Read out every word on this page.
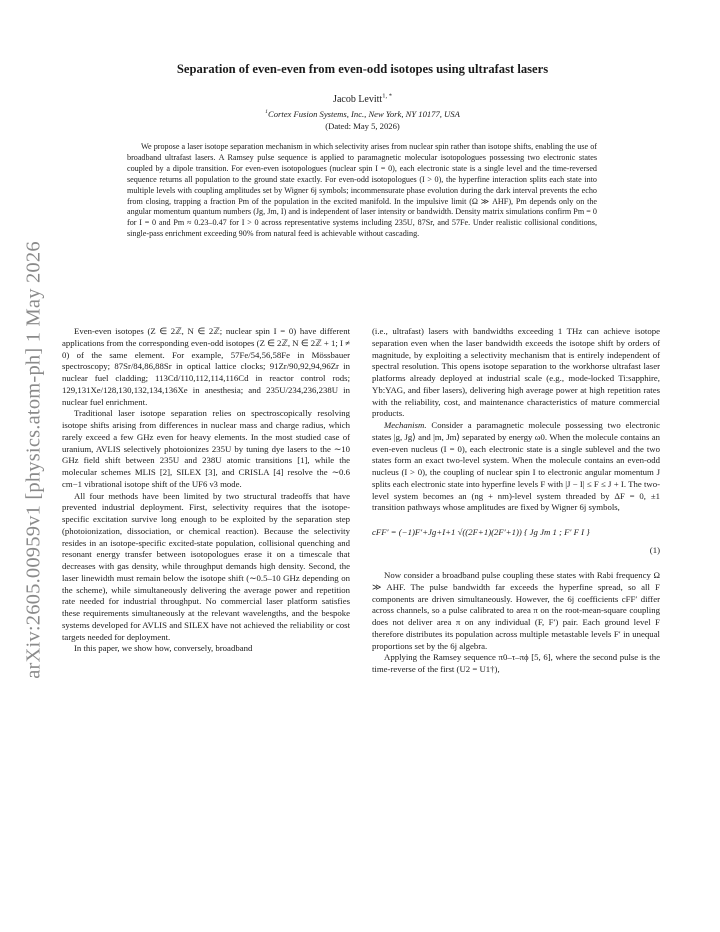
arXiv:2605.00959v1 [physics.atom-ph] 1 May 2026
Separation of even-even from even-odd isotopes using ultrafast lasers
Jacob Levitt$^{1, *}$
$^1$Cortex Fusion Systems, Inc., New York, NY 10177, USA
(Dated: May 5, 2026)

We propose a laser isotope separation mechanism in which selectivity arises from nuclear spin rather than isotope shifts, enabling the use of broadband ultrafast lasers. A Ramsey pulse sequence is applied to paramagnetic molecular isotopologues possessing two electronic states coupled by a dipole transition. For even-even isotopologues (nuclear spin I = 0), each electronic state is a single level and the time-reversed sequence returns all population to the ground state exactly. For even-odd isotopologues (I > 0), the hyperfine interaction splits each state into multiple levels with coupling amplitudes set by Wigner 6j symbols; incommensurate phase evolution during the dark interval prevents the echo from closing, trapping a fraction Pm of the population in the excited manifold. In the impulsive limit (Ω ≫ AHF), Pm depends only on the angular momentum quantum numbers (Jg, Jm, I) and is independent of laser intensity or bandwidth. Density matrix simulations confirm Pm = 0 for I = 0 and Pm ≈ 0.23–0.47 for I > 0 across representative systems including 235U, 87Sr, and 57Fe. Under realistic collisional conditions, single-pass enrichment exceeding 90% from natural feed is achievable without cascading.

Even-even isotopes (Z ∈ 2ℤ, N ∈ 2ℤ; nuclear spin I = 0) have different applications from the corresponding even-odd isotopes (Z ∈ 2ℤ, N ∈ 2ℤ + 1; I ≠ 0) of the same element. For example, 57Fe/54,56,58Fe in Mössbauer spectroscopy; 87Sr/84,86,88Sr in optical lattice clocks; 91Zr/90,92,94,96Zr in nuclear fuel cladding; 113Cd/110,112,114,116Cd in reactor control rods; 129,131Xe/128,130,132,134,136Xe in anesthesia; and 235U/234,236,238U in nuclear fuel enrichment.

Traditional laser isotope separation relies on spectroscopically resolving isotope shifts arising from differences in nuclear mass and charge radius, which rarely exceed a few GHz even for heavy elements. In the most studied case of uranium, AVLIS selectively photoionizes 235U by tuning dye lasers to the ∼10 GHz field shift between 235U and 238U atomic transitions [1], while the molecular schemes MLIS [2], SILEX [3], and CRISLA [4] resolve the ∼0.6 cm−1 vibrational isotope shift of the UF6 ν3 mode.

All four methods have been limited by two structural tradeoffs that have prevented industrial deployment. First, selectivity requires that the isotope-specific excitation survive long enough to be exploited by the separation step (photoionization, dissociation, or chemical reaction). Because the selectivity resides in an isotope-specific excited-state population, collisional quenching and resonant energy transfer between isotopologues erase it on a timescale that decreases with gas density, while throughput demands high density. Second, the laser linewidth must remain below the isotope shift (∼0.5–10 GHz depending on the scheme), while simultaneously delivering the average power and repetition rate needed for industrial throughput. No commercial laser platform satisfies these requirements simultaneously at the relevant wavelengths, and the bespoke systems developed for AVLIS and SILEX have not achieved the reliability or cost targets needed for deployment.

In this paper, we show how, conversely, broadband

(i.e., ultrafast) lasers with bandwidths exceeding 1 THz can achieve isotope separation even when the laser bandwidth exceeds the isotope shift by orders of magnitude, by exploiting a selectivity mechanism that is entirely independent of spectral resolution. This opens isotope separation to the workhorse ultrafast laser platforms already deployed at industrial scale (e.g., mode-locked Ti:sapphire, Yb:YAG, and fiber lasers), delivering high average power at high repetition rates with the reliability, cost, and maintenance characteristics of mature commercial products.

Mechanism. Consider a paramagnetic molecule possessing two electronic states |g, Jg⟩ and |m, Jm⟩ separated by energy ω0. When the molecule contains an even-even nucleus (I = 0), each electronic state is a single sublevel and the two states form an exact two-level system. When the molecule contains an even-odd nucleus (I > 0), the coupling of nuclear spin I to electronic angular momentum J splits each electronic state into hyperfine levels F with |J − I| ≤ F ≤ J + I. The two-level system becomes an (ng + nm)-level system threaded by ΔF = 0, ±1 transition pathways whose amplitudes are fixed by Wigner 6j symbols,

cFF′ = (−1)F′+Jg+I+1 √((2F+1)(2F′+1)) { Jg Jm 1 ; F′ F I }
(1)

Now consider a broadband pulse coupling these states with Rabi frequency Ω ≫ AHF. The pulse bandwidth far exceeds the hyperfine spread, so all F components are driven simultaneously. However, the 6j coefficients cFF′ differ across channels, so a pulse calibrated to area π on the root-mean-square coupling does not deliver area π on any individual (F, F′) pair. Each ground level F therefore distributes its population across multiple metastable levels F′ in unequal proportions set by the 6j algebra.

Applying the Ramsey sequence π0–τ–πϕ [5, 6], where the second pulse is the time-reverse of the first (U2 = U1†),
